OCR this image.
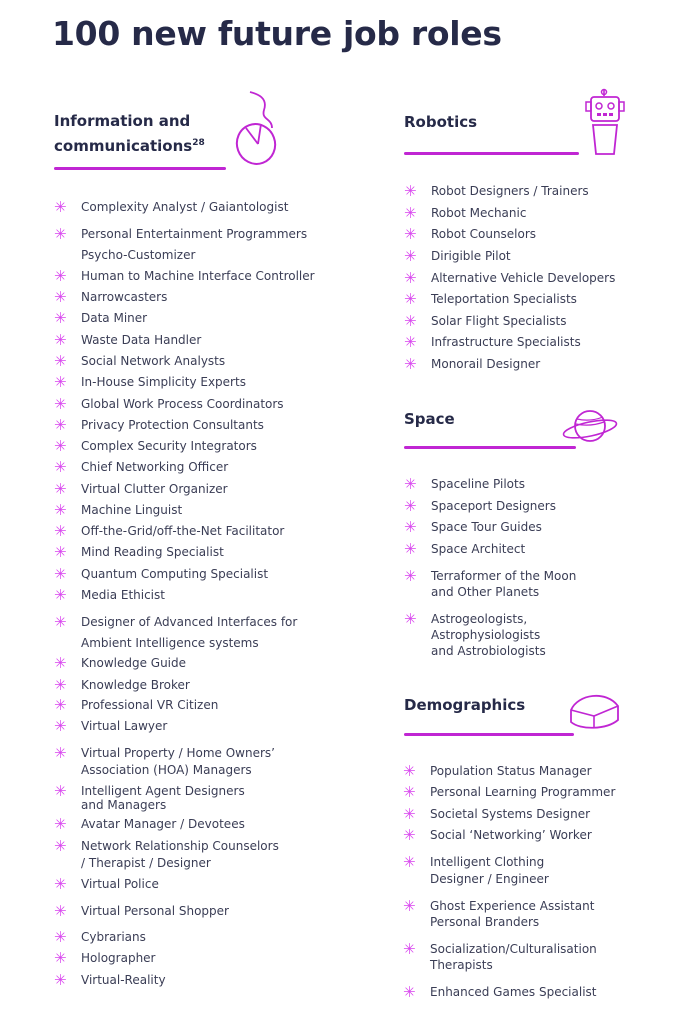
100 new future job roles
Information and
communications$^{28}$
✳ Complexity Analyst / Gaiantologist
✳ Personal Entertainment Programmers
Psycho-Customizer
✳ Human to Machine Interface Controller
✳ Narrowcasters
✳ Data Miner
✳ Waste Data Handler
✳ Social Network Analysts
✳ In-House Simplicity Experts
✳ Global Work Process Coordinators
✳ Privacy Protection Consultants
✳ Complex Security Integrators
✳ Chief Networking Officer
✳ Virtual Clutter Organizer
✳ Machine Linguist
✳ Off-the-Grid/off-the-Net Facilitator
✳ Mind Reading Specialist
✳ Quantum Computing Specialist
✳ Media Ethicist
✳ Designer of Advanced Interfaces for
Ambient Intelligence systems
✳ Knowledge Guide
✳ Knowledge Broker
✳ Professional VR Citizen
✳ Virtual Lawyer
✳ Virtual Property / Home Owners’
Association (HOA) Managers
✳ Intelligent Agent Designers
and Managers
✳ Avatar Manager / Devotees
✳ Network Relationship Counselors
/ Therapist / Designer
✳ Virtual Police
✳ Virtual Personal Shopper
✳ Cybrarians
✳ Holographer
✳ Virtual-Reality
Robotics
✳ Robot Designers / Trainers
✳ Robot Mechanic
✳ Robot Counselors
✳ Dirigible Pilot
✳ Alternative Vehicle Developers
✳ Teleportation Specialists
✳ Solar Flight Specialists
✳ Infrastructure Specialists
✳ Monorail Designer
Space
✳ Spaceline Pilots
✳ Spaceport Designers
✳ Space Tour Guides
✳ Space Architect
✳ Terraformer of the Moon
and Other Planets
✳ Astrogeologists,
Astrophysiologists
and Astrobiologists
Demographics
✳ Population Status Manager
✳ Personal Learning Programmer
✳ Societal Systems Designer
✳ Social ‘Networking’ Worker
✳ Intelligent Clothing
Designer / Engineer
✳ Ghost Experience Assistant
Personal Branders
✳ Socialization/Culturalisation
Therapists
✳ Enhanced Games Specialist
